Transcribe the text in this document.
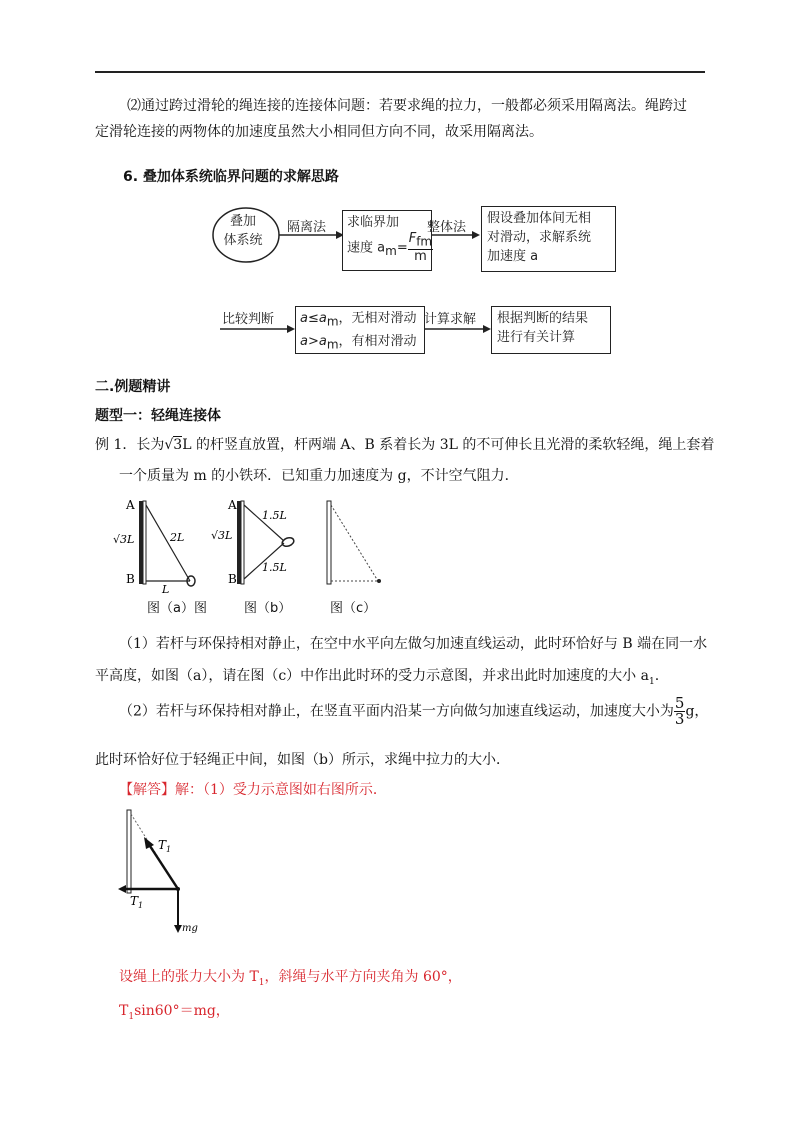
⑵通过跨过滑轮的绳连接的连接体问题：若要求绳的拉力，一般都必须采用隔离法。绳跨过
定滑轮连接的两物体的加速度虽然大小相同但方向不同，故采用隔离法。
6. 叠加体系统临界问题的求解思路
叠加
体系统
隔离法 求临界加
速度 $a_m= \frac{F_{fm}}{m}$
整体法
假设叠加体间无相
对滑动，求解系统
加速度 a
比较判断 $a\le a_m$，无相对滑动
$a>a_m$，有相对滑动
计算求解 根据判断的结果
进行有关计算
二.例题精讲
题型一：轻绳连接体
例 1．长为√3L 的杆竖直放置，杆两端 A、B 系着长为 3L 的不可伸长且光滑的柔软轻绳，绳上套着
一个质量为 m 的小铁环．已知重力加速度为 g，不计空气阻力．
A
B
√3L	2L
L
A
B
√3L
1.5L
1.5L
图（a）图	图（b）	图（c）
（1）若杆与环保持相对静止，在空中水平向左做匀加速直线运动，此时环恰好与 B 端在同一水
平高度，如图（a），请在图（c）中作出此时环的受力示意图，并求出此时加速度的大小 $a_1$.
（2）若杆与环保持相对静止，在竖直平面内沿某一方向做匀加速直线运动，加速度大小为 $\frac{5}{3}$ g，
此时环恰好位于轻绳正中间，如图（b）所示，求绳中拉力的大小．
【解答】解：（1）受力示意图如右图所示．
$T_1$
$T_1$
mg
设绳上的张力大小为 $T_1$，斜绳与水平方向夹角为 60°，
$T_1\sin 60^\circ=mg$，
